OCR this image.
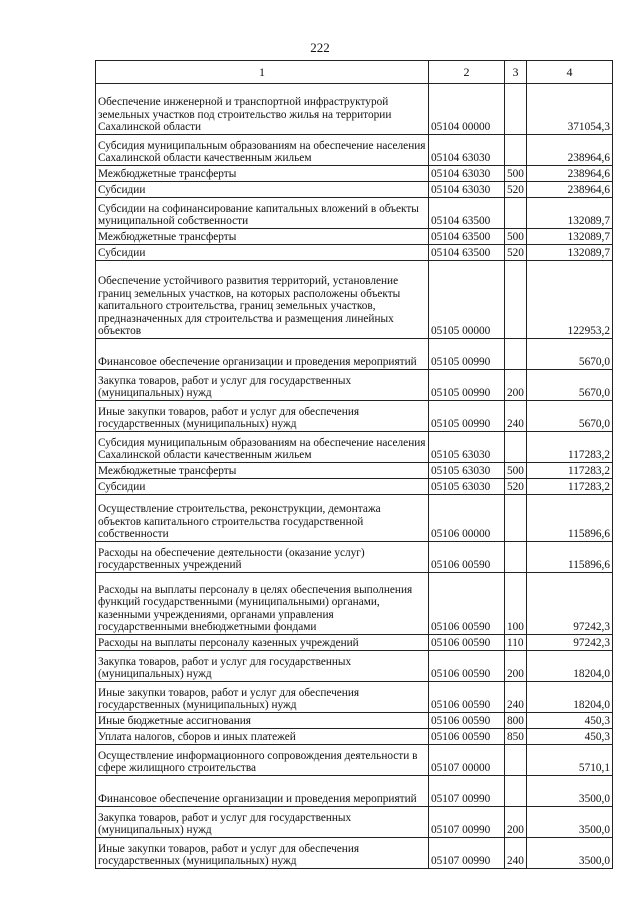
222
1	2	3	4
Обеспечение инженерной и транспортной инфраструктурой земельных участков под строительство жилья на территории Сахалинской области	05104 00000		371054,3
Субсидия муниципальным образованиям на обеспечение населения Сахалинской области качественным жильем	05104 63030		238964,6
Межбюджетные трансферты	05104 63030	500	238964,6
Субсидии	05104 63030	520	238964,6
Субсидии на софинансирование капитальных вложений в объекты муниципальной собственности	05104 63500		132089,7
Межбюджетные трансферты	05104 63500	500	132089,7
Субсидии	05104 63500	520	132089,7
Обеспечение устойчивого развития территорий, установление границ земельных участков, на которых расположены объекты капитального строительства, границ земельных участков, предназначенных для строительства и размещения линейных объектов	05105 00000		122953,2
Финансовое обеспечение организации и проведения мероприятий	05105 00990		5670,0
Закупка товаров, работ и услуг для государственных (муниципальных) нужд	05105 00990	200	5670,0
Иные закупки товаров, работ и услуг для обеспечения государственных (муниципальных) нужд	05105 00990	240	5670,0
Субсидия муниципальным образованиям на обеспечение населения Сахалинской области качественным жильем	05105 63030		117283,2
Межбюджетные трансферты	05105 63030	500	117283,2
Субсидии	05105 63030	520	117283,2
Осуществление строительства, реконструкции, демонтажа объектов капитального строительства государственной собственности	05106 00000		115896,6
Расходы на обеспечение деятельности (оказание услуг) государственных учреждений	05106 00590		115896,6
Расходы на выплаты персоналу в целях обеспечения выполнения функций государственными (муниципальными) органами, казенными учреждениями, органами управления государственными внебюджетными фондами	05106 00590	100	97242,3
Расходы на выплаты персоналу казенных учреждений	05106 00590	110	97242,3
Закупка товаров, работ и услуг для государственных (муниципальных) нужд	05106 00590	200	18204,0
Иные закупки товаров, работ и услуг для обеспечения государственных (муниципальных) нужд	05106 00590	240	18204,0
Иные бюджетные ассигнования	05106 00590	800	450,3
Уплата налогов, сборов и иных платежей	05106 00590	850	450,3
Осуществление информационного сопровождения деятельности в сфере жилищного строительства	05107 00000		5710,1
Финансовое обеспечение организации и проведения мероприятий	05107 00990		3500,0
Закупка товаров, работ и услуг для государственных (муниципальных) нужд	05107 00990	200	3500,0
Иные закупки товаров, работ и услуг для обеспечения государственных (муниципальных) нужд	05107 00990	240	3500,0
